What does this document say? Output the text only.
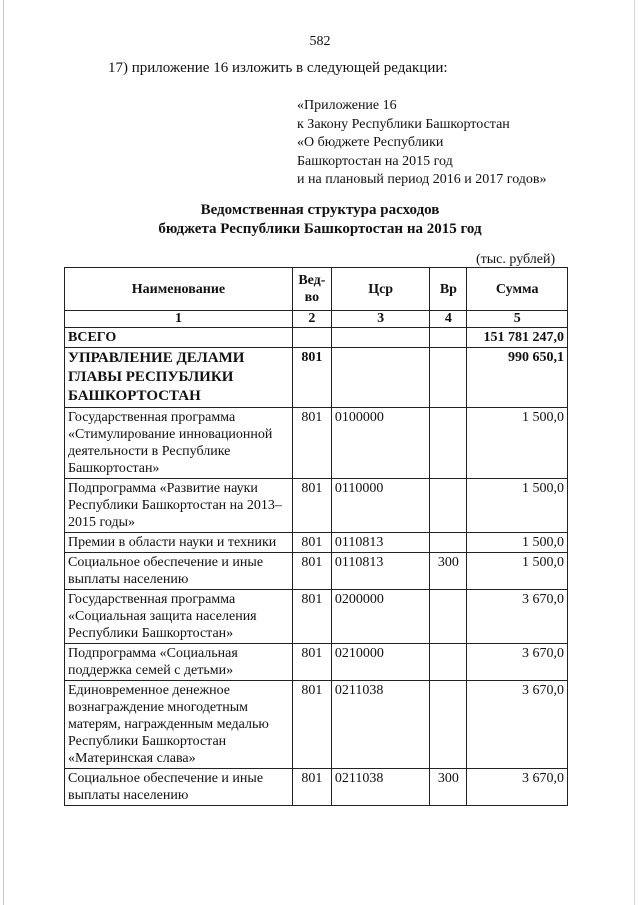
582
17) приложение 16 изложить в следующей редакции:
«Приложение 16
к Закону Республики Башкортостан
«О бюджете Республики
Башкортостан на 2015 год
и на плановый период 2016 и 2017 годов»
Ведомственная структура расходов
бюджета Республики Башкортостан на 2015 год
(тыс. рублей)
Наименование	Вед-во	Цср	Вр	Сумма
1	2	3	4	5
ВСЕГО				151 781 247,0
УПРАВЛЕНИЕ ДЕЛАМИ ГЛАВЫ РЕСПУБЛИКИ БАШКОРТОСТАН	801			990 650,1
Государственная программа «Стимулирование инновационной деятельности в Республике Башкортостан»	801	0100000		1 500,0
Подпрограмма «Развитие науки Республики Башкортостан на 2013–2015 годы»	801	0110000		1 500,0
Премии в области науки и техники	801	0110813		1 500,0
Социальное обеспечение и иные выплаты населению	801	0110813	300	1 500,0
Государственная программа «Социальная защита населения Республики Башкортостан»	801	0200000		3 670,0
Подпрограмма «Социальная поддержка семей с детьми»	801	0210000		3 670,0
Единовременное денежное вознаграждение многодетным матерям, награжденным медалью Республики Башкортостан «Материнская слава»	801	0211038		3 670,0
Социальное обеспечение и иные выплаты населению	801	0211038	300	3 670,0
